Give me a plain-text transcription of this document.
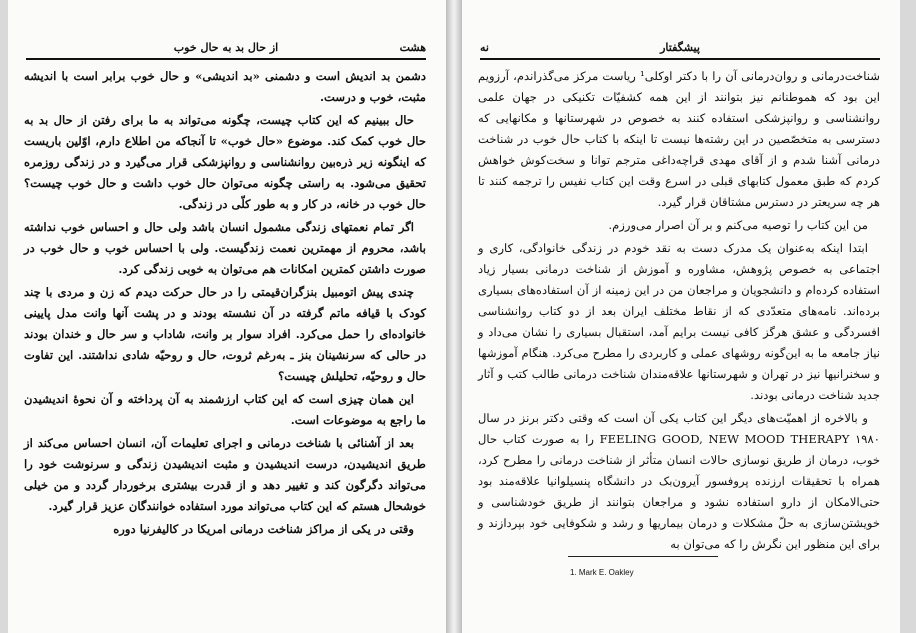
هشت
از حال بد به حال خوب

دشمن بد اندیش است و دشمنی «بد اندیشی» و حال خوب برابر است با اندیشه مثبت، خوب و درست.

حال ببینیم که این کتاب چیست، چگونه می‌تواند به ما برای رفتن از حال بد به حال خوب کمک کند. موضوع «حال خوب» تا آنجاکه من اطلاع دارم، اوّلین باریست که اینگونه زیر ذره‌بین روانشناسی و روانپزشکی قرار می‌گیرد و در زندگی روزمره تحقیق می‌شود. به راستی چگونه می‌توان حال خوب داشت و حال خوب چیست؟ حال خوب در خانه، در کار و به طور کلّی در زندگی.

اگر تمام نعمتهای زندگی مشمول انسان باشد ولی حال و احساس خوب نداشته باشد، محروم از مهمترین نعمت زندگیست. ولی با احساس خوب و حال خوب در صورت داشتن کمترین امکانات هم می‌توان به خوبی زندگی کرد.

چندی پیش اتومبیل بنزگران‌قیمتی را در حال حرکت دیدم که زن و مردی با چند کودک با قیافه ماتم گرفته در آن نشسته بودند و در پشت آنها وانت مدل پایینی خانواده‌ای را حمل می‌کرد. افراد سوار بر وانت، شاداب و سر حال و خندان بودند در حالی که سرنشینان بنز ـ به‌رغم ثروت، حال و روحیّه شادی نداشتند. این تفاوت حال و روحیّه، تحلیلش چیست؟

این همان چیزی است که این کتاب ارزشمند به آن پرداخته و آن نحوهٔ اندیشیدن ما راجع به موضوعات است.

بعد از آشنائی با شناخت درمانی و اجرای تعلیمات آن، انسان احساس می‌کند از طریق اندیشیدن، درست اندیشیدن و مثبت اندیشیدن زندگی و سرنوشت خود را می‌تواند دگرگون کند و تغییر دهد و از قدرت بیشتری برخوردار گردد و من خیلی خوشحال هستم که این کتاب می‌تواند مورد استفاده خوانندگان عزیز قرار گیرد.

وقتی در یکی از مراکز شناخت درمانی امریکا در کالیفرنیا دوره

نه	پیشگفتار

شناخت‌درمانی و روان‌درمانی آن را با دکتر اوکلی¹ ریاست مرکز می‌گذراندم، آرزویم این بود که هموطنانم نیز بتوانند از این همه کشفیّات تکنیکی در جهان علمی روانشناسی و روانپزشکی استفاده کنند به خصوص در شهرستانها و مکانهایی که دسترسی به متخصّصین در این رشته‌ها نیست تا اینکه با کتاب حال خوب در شناخت درمانی آشنا شدم و از آقای مهدی قراچه‌داغی مترجم توانا و سخت‌کوش خواهش کردم که طبق معمول کتابهای قبلی در اسرع وقت این کتاب نفیس را ترجمه کنند تا هر چه سریعتر در دسترس مشتاقان قرار گیرد.

من این کتاب را توصیه می‌کنم و بر آن اصرار می‌ورزم.

ابتدا اینکه به‌عنوان یک مدرک دست به نقد خودم در زندگی خانوادگی، کاری و اجتماعی به خصوص پژوهش، مشاوره و آموزش از شناخت درمانی بسیار زیاد استفاده کرده‌ام و دانشجویان و مراجعان من در این زمینه از آن استفاده‌های بسیاری برده‌اند. نامه‌های متعدّدی که از نقاط مختلف ایران بعد از دو کتاب روانشناسی افسردگی و عشق هرگز کافی نیست برایم آمد، استقبال بسیاری را نشان می‌داد و نیاز جامعه ما به این‌گونه روشهای عملی و کاربردی را مطرح می‌کرد. هنگام آموزشها و سخنرانیها نیز در تهران و شهرستانها علاقه‌مندان شناخت درمانی طالب کتب و آثار جدید شناخت درمانی بودند.

و بالاخره از اهمیّت‌های دیگر این کتاب یکی آن است که وقتی دکتر برنز در سال ۱۹۸۰ FEELING GOOD, NEW MOOD THERAPY را به صورت کتاب حال خوب، درمان از طریق نوسازی حالات انسان متأثر از شناخت درمانی را مطرح کرد، همراه با تحقیقات ارزنده پروفسور آیرون‌بک در دانشگاه پنسیلوانیا علاقه‌مند بود حتی‌الامکان از دارو استفاده نشود و مراجعان بتوانند از طریق خودشناسی و خویشتن‌سازی به حلّ مشکلات و درمان بیماریها و رشد و شکوفایی خود بپردازند و برای این منظور این نگرش را که می‌توان به

1. Mark E. Oakley
